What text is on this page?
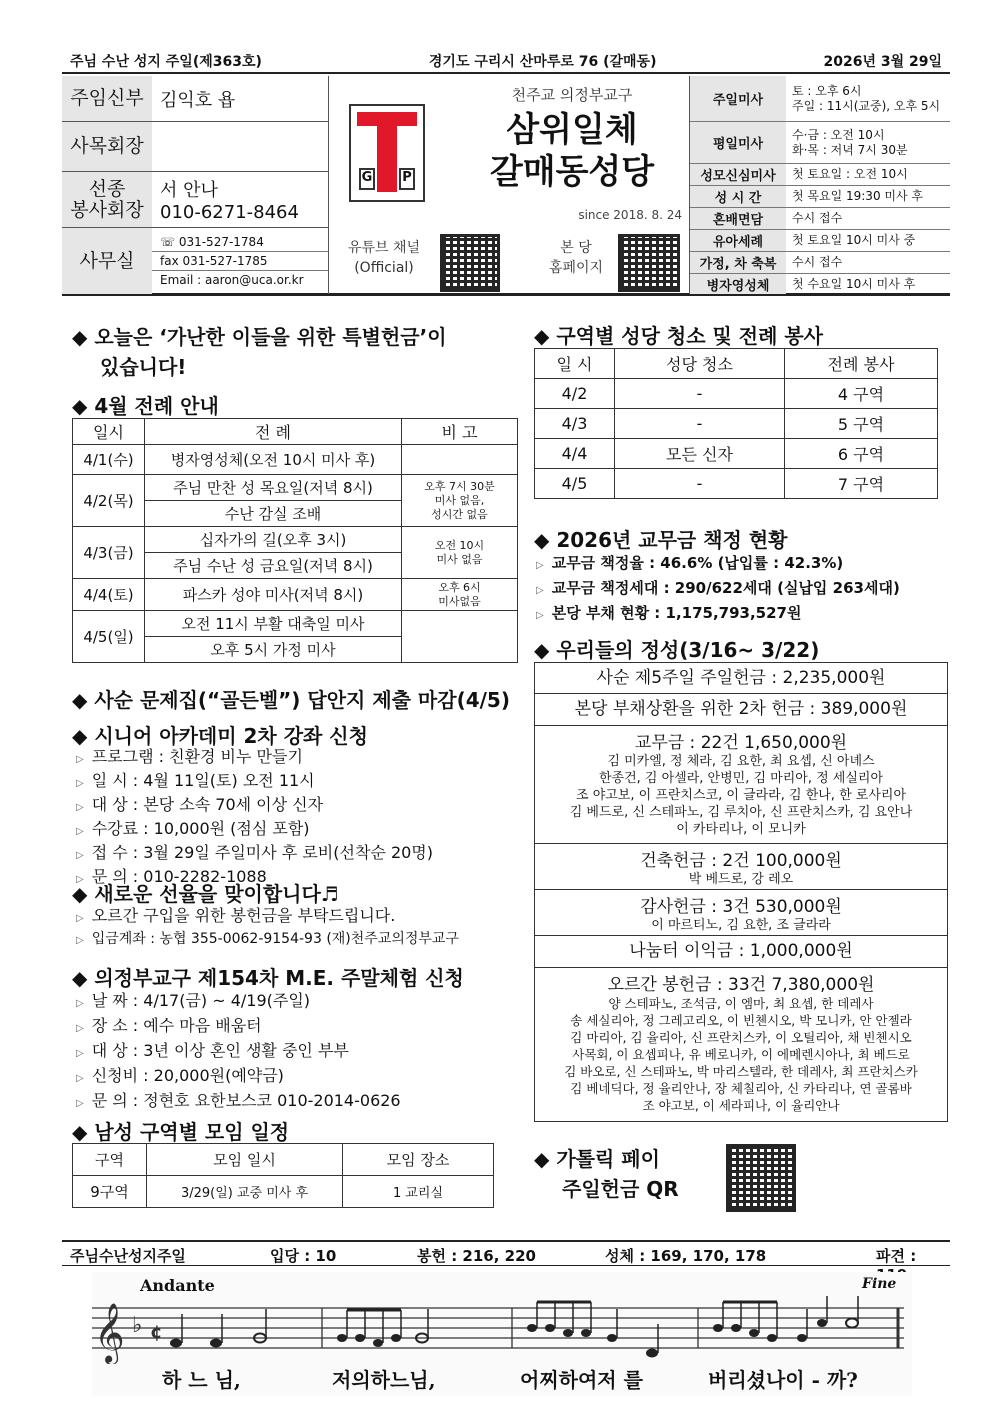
주님 수난 성지 주일(제363호)	경기도 구리시 산마루로 76 (갈매동)	2026년 3월 29일
주임신부 김익호 욥
사목회장
선종
봉사회장
서 안나
010-6271-8464
사무실
☏ 031-527-1784
fax 031-527-1785
Email : aaron@uca.or.kr
G P
천주교 의정부교구
삼위일체
갈매동성당
since 2018. 8. 24
유튜브 채널
(Official)
본 당
홈페이지
주일미사
토 : 오후 6시
주일 : 11시(교중), 오후 5시
평일미사
수·금 : 오전 10시
화·목 : 저녁 7시 30분
성모신심미사	첫 토요일 : 오전 10시
성 시 간	첫 목요일 19:30 미사 후
혼배면담	수시 접수
유아세례	첫 토요일 10시 미사 중
가정, 차 축복	수시 접수
병자영성체	첫 수요일 10시 미사 후
◆ 오늘은 ‘가난한 이들을 위한 특별헌금’이
있습니다!
◆ 4월 전례 안내
일시	전 례	비 고
4/1(수)	병자영성체(오전 10시 미사 후)	
4/2(목)	주님 만찬 성 목요일(저녁 8시)	오후 7시 30분
미사 없음,
성시간 없음
	수난 감실 조배	
4/3(금)	십자가의 길(오후 3시)	오전 10시
미사 없음
	주님 수난 성 금요일(저녁 8시)	
4/4(토)	파스카 성야 미사(저녁 8시)	오후 6시
미사없음
4/5(일)	오전 11시 부활 대축일 미사	
	오후 5시 가정 미사	
◆ 사순 문제집(“골든벨”) 답안지 제출 마감(4/5)
◆ 시니어 아카데미 2차 강좌 신청
▷ 프로그램 : 친환경 비누 만들기
▷ 일 시 : 4월 11일(토) 오전 11시
▷ 대 상 : 본당 소속 70세 이상 신자
▷ 수강료 : 10,000원 (점심 포함)
▷ 접 수 : 3월 29일 주일미사 후 로비(선착순 20명)
▷ 문 의 : 010-2282-1088
◆ 새로운 선율을 맞이합니다♬
▷ 오르간 구입을 위한 봉헌금을 부탁드립니다.
▷ 입금계좌 : 농협 355-0062-9154-93 (재)천주교의정부교구
◆ 의정부교구 제154차 M.E. 주말체험 신청
▷ 날 짜 : 4/17(금) ~ 4/19(주일)
▷ 장 소 : 예수 마음 배움터
▷ 대 상 : 3년 이상 혼인 생활 중인 부부
▷ 신청비 : 20,000원(예약금)
▷ 문 의 : 정현호 요한보스코 010-2014-0626
◆ 남성 구역별 모임 일정
구역	모임 일시	모임 장소
9구역	3/29(일) 교중 미사 후	1 교리실
◆ 구역별 성당 청소 및 전례 봉사
일 시	성당 청소	전례 봉사
4/2	-	4 구역
4/3	-	5 구역
4/4	모든 신자	6 구역
4/5	-	7 구역
◆ 2026년 교무금 책정 현황
▷ 교무금 책정율 : 46.6% (납입률 : 42.3%)
▷ 교무금 책정세대 : 290/622세대 (실납입 263세대)
▷ 본당 부채 현황 : 1,175,793,527원
◆ 우리들의 정성(3/16~ 3/22)
사순 제5주일 주일헌금 : 2,235,000원
본당 부채상환을 위한 2차 헌금 : 389,000원
교무금 : 22건 1,650,000원
김 미카엘, 정 체라, 김 요한, 최 요셉, 신 아녜스
한종건, 김 아셀라, 안병민, 김 마리아, 정 세실리아
조 야고보, 이 프란치스코, 이 글라라, 김 한나, 한 로사리아
김 베드로, 신 스테파노, 김 루치아, 신 프란치스카, 김 요안나
이 카타리나, 이 모니카
건축헌금 : 2건 100,000원
박 베드로, 강 레오
감사헌금 : 3건 530,000원
이 마르티노, 김 요한, 조 글라라
나눔터 이익금 : 1,000,000원
오르간 봉헌금 : 33건 7,380,000원
양 스테파노, 조석금, 이 엠마, 최 요셉, 한 데레사
송 세실리아, 정 그레고리오, 이 빈첸시오, 박 모니카, 안 안젤라
김 마리아, 김 율리아, 신 프란치스카, 이 오틸리아, 채 빈첸시오
사목회, 이 요셉피나, 유 베로니카, 이 에메렌시아나, 최 베드로
김 바오로, 신 스테파노, 박 마리스텔라, 한 데레사, 최 프란치스카
김 베네딕다, 정 율리안나, 장 체칠리아, 신 카타리나, 연 골롬바
조 야고보, 이 세라피나, 이 율리안나
◆ 가톨릭 페이
주일헌금 QR
주님수난성지주일	입당 : 10	봉헌 : 216, 220	성체 : 169, 170, 178	파견 :
Andante	Fine
𝄞 ♭ ¢
하 느 님,	저의하느님,	어찌하여저 를	버리셨나이 - 까?
